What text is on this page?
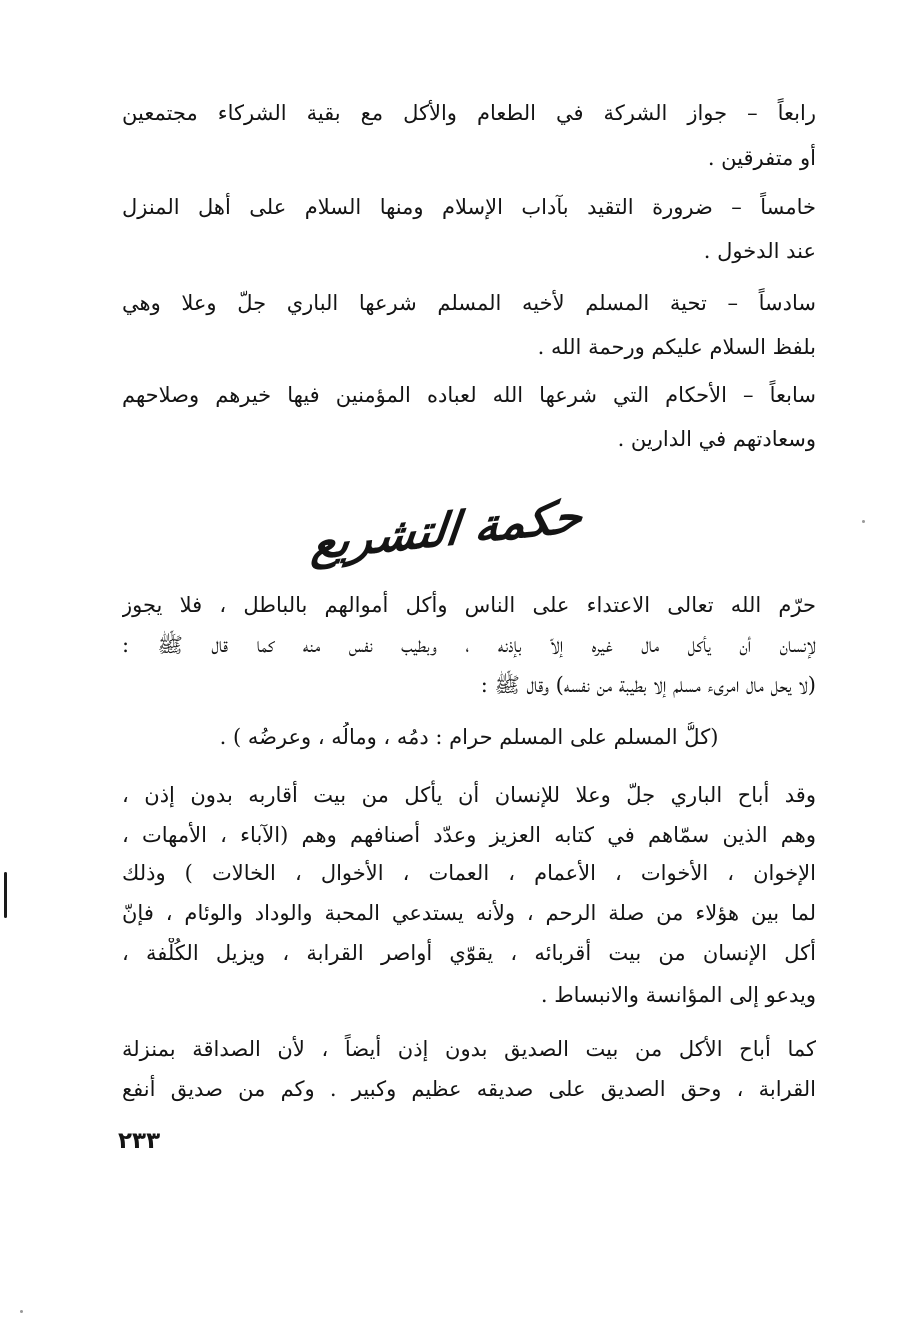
رابعاً – جواز الشركة في الطعام والأكل مع بقية الشركاء مجتمعين
أو متفرقين .
خامساً – ضرورة التقيد بآداب الإسلام ومنها السلام على أهل المنزل
عند الدخول .
سادساً – تحية المسلم لأخيه المسلم شرعها الباري جلّ وعلا وهي
بلفظ السلام عليكم ورحمة الله .
سابعاً – الأحكام التي شرعها الله لعباده المؤمنين فيها خيرهم وصلاحهم
وسعادتهم في الدارين .
حكمة التشريع
حرّم الله تعالى الاعتداء على الناس وأكل أموالهم بالباطل ، فلا يجوز
لإنسان أن يأكل مال غيره إلاّ بإذنه ، وبطيب نفس منه كما قال ﷺ :
(لا يحل مال امرىء مسلم إلا بطيبة من نفسه) وقال ﷺ :
(كلُّ المسلم على المسلم حرام : دمُه ، ومالُه ، وعرضُه ) .
وقد أباح الباري جلّ وعلا للإنسان أن يأكل من بيت أقاربه بدون إذن ،
وهم الذين سمّاهم في كتابه العزيز وعدّد أصنافهم وهم (الآباء ، الأمهات ،
الإخوان ، الأخوات ، الأعمام ، العمات ، الأخوال ، الخالات ) وذلك
لما بين هؤلاء من صلة الرحم ، ولأنه يستدعي المحبة والوداد والوئام ، فإنّ
أكل الإنسان من بيت أقربائه ، يقوّي أواصر القرابة ، ويزيل الكُلْفة ،
ويدعو إلى المؤانسة والانبساط .
كما أباح الأكل من بيت الصديق بدون إذن أيضاً ، لأن الصداقة بمنزلة
القرابة ، وحق الصديق على صديقه عظيم وكبير . وكم من صديق أنفع
٢٣٣
